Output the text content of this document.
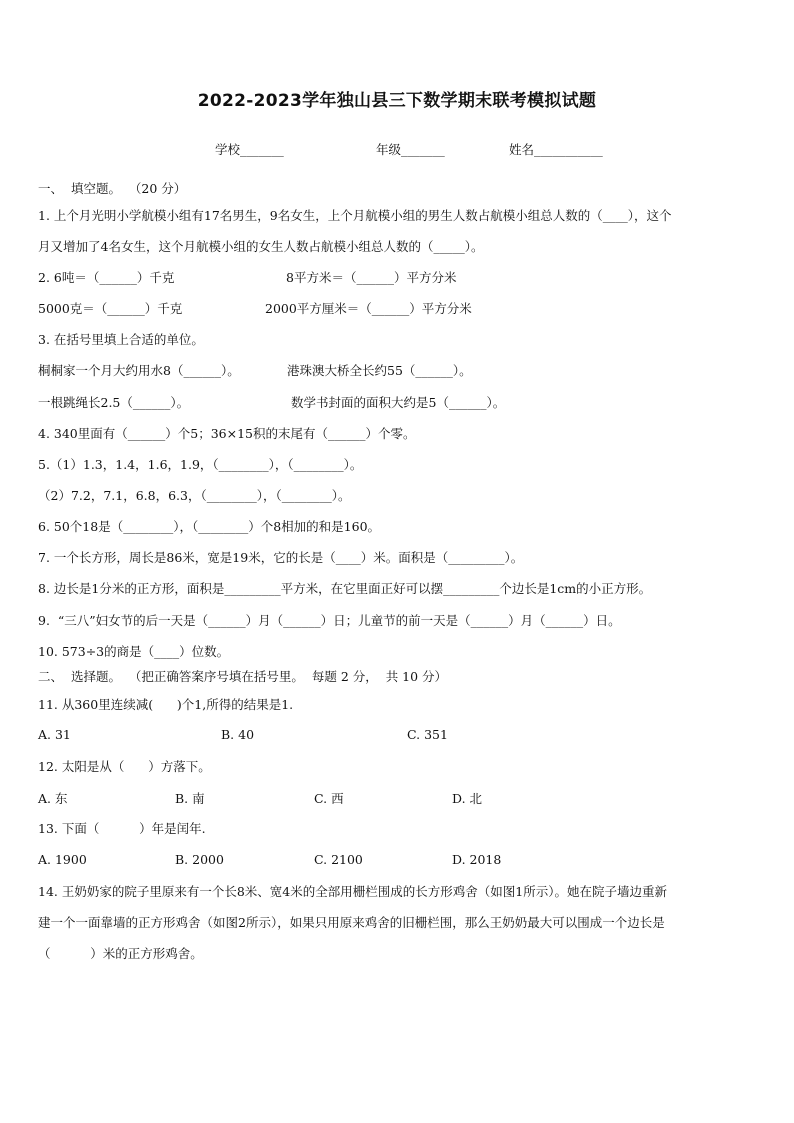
2022-2023学年独山县三下数学期末联考模拟试题
学校_______	年级_______	姓名___________
一、  填空题。  （20 分）
1. 上个月光明小学航模小组有17名男生，9名女生，上个月航模小组的男生人数占航模小组总人数的（____），这个
月又增加了4名女生，这个月航模小组的女生人数占航模小组总人数的（_____）。
2. 6吨＝（______）千克	8平方米＝（______）平方分米
5000克＝（______）千克	2000平方厘米＝（______）平方分米
3. 在括号里填上合适的单位。
桐桐家一个月大约用水8（______）。	港珠澳大桥全长约55（______）。
一根跳绳长2.5（______）。	数学书封面的面积大约是5（______）。
4. 340里面有（______）个5；36×15积的末尾有（______）个零。
5.（1）1.3，1.4，1.6，1.9，（________），（________）。
（2）7.2，7.1，6.8，6.3，（________），（________）。
6. 50个18是（________），（________）个8相加的和是160。
7. 一个长方形，周长是86米，宽是19米，它的长是（____）米。面积是（_________）。
8. 边长是1分米的正方形，面积是_________平方米，在它里面正好可以摆_________个边长是1cm的小正方形。
9.  “三八”妇女节的后一天是（______）月（______）日；儿童节的前一天是（______）月（______）日。
10. 573÷3的商是（____）位数。
二、  选择题。  （把正确答案序号填在括号里。  每题 2 分，  共 10 分）
11. 从360里连续减(      )个1,所得的结果是1.
A. 31	B. 40	C. 351
12. 太阳是从（      ）方落下。
A. 东	B. 南	C. 西	D. 北
13. 下面（          ）年是闰年.
A. 1900	B. 2000	C. 2100	D. 2018
14. 王奶奶家的院子里原来有一个长8米、宽4米的全部用栅栏围成的长方形鸡舍（如图1所示）。她在院子墙边重新
建一个一面靠墙的正方形鸡舍（如图2所示），如果只用原来鸡舍的旧栅栏围，那么王奶奶最大可以围成一个边长是
（          ）米的正方形鸡舍。
